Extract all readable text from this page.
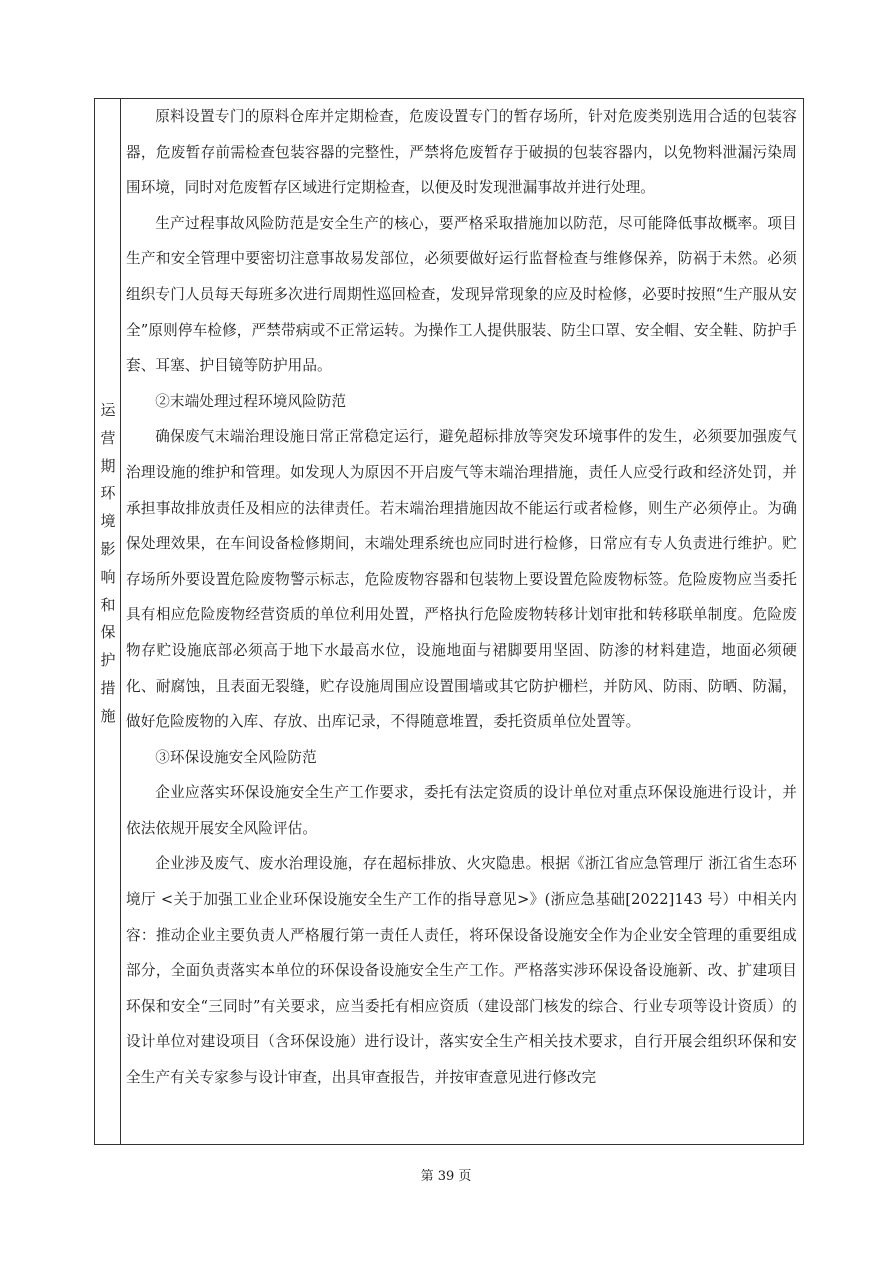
运
营
期
环
境
影
响
和
保
护
措
施

原料设置专门的原料仓库并定期检查，危废设置专门的暂存场所，针对危废类别选用合适的包装容器，危废暂存前需检查包装容器的完整性，严禁将危废暂存于破损的包装容器内，以免物料泄漏污染周围环境，同时对危废暂存区域进行定期检查，以便及时发现泄漏事故并进行处理。

生产过程事故风险防范是安全生产的核心，要严格采取措施加以防范，尽可能降低事故概率。项目生产和安全管理中要密切注意事故易发部位，必须要做好运行监督检查与维修保养，防祸于未然。必须组织专门人员每天每班多次进行周期性巡回检查，发现异常现象的应及时检修，必要时按照“生产服从安全”原则停车检修，严禁带病或不正常运转。为操作工人提供服装、防尘口罩、安全帽、安全鞋、防护手套、耳塞、护目镜等防护用品。

②末端处理过程环境风险防范

确保废气末端治理设施日常正常稳定运行，避免超标排放等突发环境事件的发生，必须要加强废气治理设施的维护和管理。如发现人为原因不开启废气等末端治理措施，责任人应受行政和经济处罚，并承担事故排放责任及相应的法律责任。若末端治理措施因故不能运行或者检修，则生产必须停止。为确保处理效果，在车间设备检修期间，末端处理系统也应同时进行检修，日常应有专人负责进行维护。贮存场所外要设置危险废物警示标志，危险废物容器和包装物上要设置危险废物标签。危险废物应当委托具有相应危险废物经营资质的单位利用处置，严格执行危险废物转移计划审批和转移联单制度。危险废物存贮设施底部必须高于地下水最高水位，设施地面与裙脚要用坚固、防渗的材料建造，地面必须硬化、耐腐蚀，且表面无裂缝，贮存设施周围应设置围墙或其它防护栅栏，并防风、防雨、防晒、防漏，做好危险废物的入库、存放、出库记录，不得随意堆置，委托资质单位处置等。

③环保设施安全风险防范

企业应落实环保设施安全生产工作要求，委托有法定资质的设计单位对重点环保设施进行设计，并依法依规开展安全风险评估。

企业涉及废气、废水治理设施，存在超标排放、火灾隐患。根据《浙江省应急管理厅 浙江省生态环境厅 <关于加强工业企业环保设施安全生产工作的指导意见>》(浙应急基础[2022]143 号）中相关内容：推动企业主要负责人严格履行第一责任人责任，将环保设备设施安全作为企业安全管理的重要组成部分，全面负责落实本单位的环保设备设施安全生产工作。严格落实涉环保设备设施新、改、扩建项目环保和安全“三同时”有关要求，应当委托有相应资质（建设部门核发的综合、行业专项等设计资质）的设计单位对建设项目（含环保设施）进行设计，落实安全生产相关技术要求，自行开展会组织环保和安全生产有关专家参与设计审查，出具审查报告，并按审查意见进行修改完

第 39 页
